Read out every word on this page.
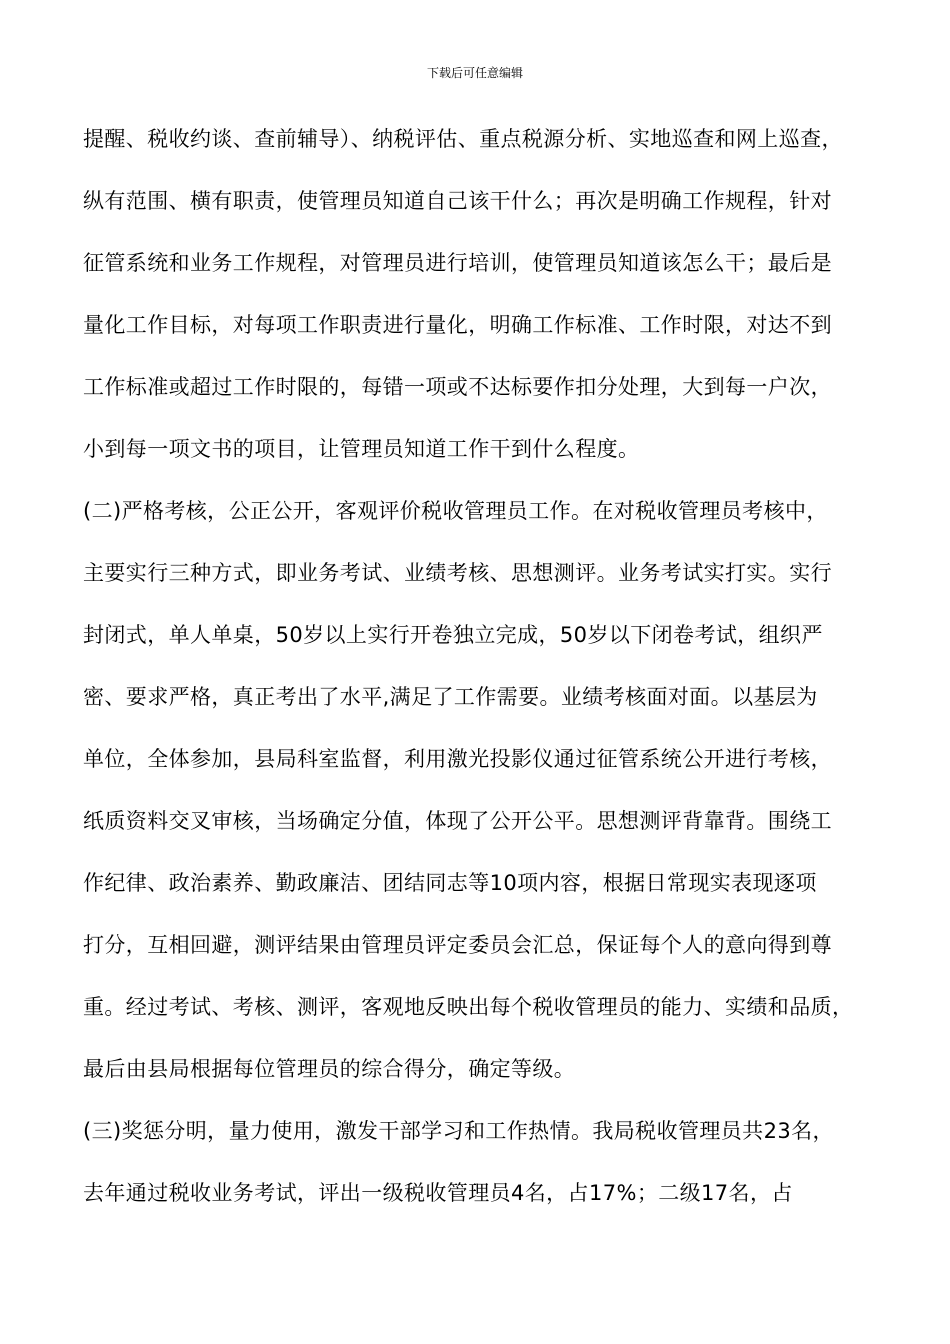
下载后可任意编辑
提醒、税收约谈、查前辅导）、纳税评估、重点税源分析、实地巡查和网上巡查，
纵有范围、横有职责，使管理员知道自己该干什么；再次是明确工作规程，针对
征管系统和业务工作规程，对管理员进行培训，使管理员知道该怎么干；最后是
量化工作目标，对每项工作职责进行量化，明确工作标准、工作时限，对达不到
工作标准或超过工作时限的，每错一项或不达标要作扣分处理，大到每一户次，
小到每一项文书的项目，让管理员知道工作干到什么程度。
(二)严格考核，公正公开，客观评价税收管理员工作。在对税收管理员考核中，
主要实行三种方式，即业务考试、业绩考核、思想测评。业务考试实打实。实行
封闭式，单人单桌，50岁以上实行开卷独立完成，50岁以下闭卷考试，组织严
密、要求严格，真正考出了水平,满足了工作需要。业绩考核面对面。以基层为
单位，全体参加，县局科室监督，利用激光投影仪通过征管系统公开进行考核，
纸质资料交叉审核，当场确定分值，体现了公开公平。思想测评背靠背。围绕工
作纪律、政治素养、勤政廉洁、团结同志等10项内容，根据日常现实表现逐项
打分，互相回避，测评结果由管理员评定委员会汇总，保证每个人的意向得到尊
重。经过考试、考核、测评，客观地反映出每个税收管理员的能力、实绩和品质，
最后由县局根据每位管理员的综合得分，确定等级。
(三)奖惩分明，量力使用，激发干部学习和工作热情。我局税收管理员共23名，
去年通过税收业务考试，评出一级税收管理员4名，占17%；二级17名，占
